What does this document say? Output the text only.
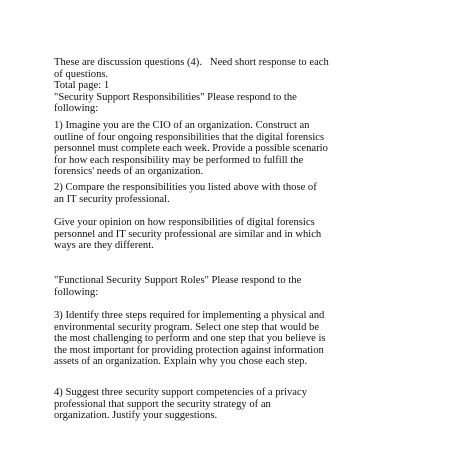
These are discussion questions (4).   Need short response to each
of questions.
Total page: 1
"Security Support Responsibilities" Please respond to the
following:
1) Imagine you are the CIO of an organization. Construct an
outline of four ongoing responsibilities that the digital forensics
personnel must complete each week. Provide a possible scenario
for how each responsibility may be performed to fulfill the
forensics' needs of an organization.
2) Compare the responsibilities you listed above with those of
an IT security professional.
Give your opinion on how responsibilities of digital forensics
personnel and IT security professional are similar and in which
ways are they different.
"Functional Security Support Roles" Please respond to the
following:
3) Identify three steps required for implementing a physical and
environmental security program. Select one step that would be
the most challenging to perform and one step that you believe is
the most important for providing protection against information
assets of an organization. Explain why you chose each step.
4) Suggest three security support competencies of a privacy
professional that support the security strategy of an
organization. Justify your suggestions.
